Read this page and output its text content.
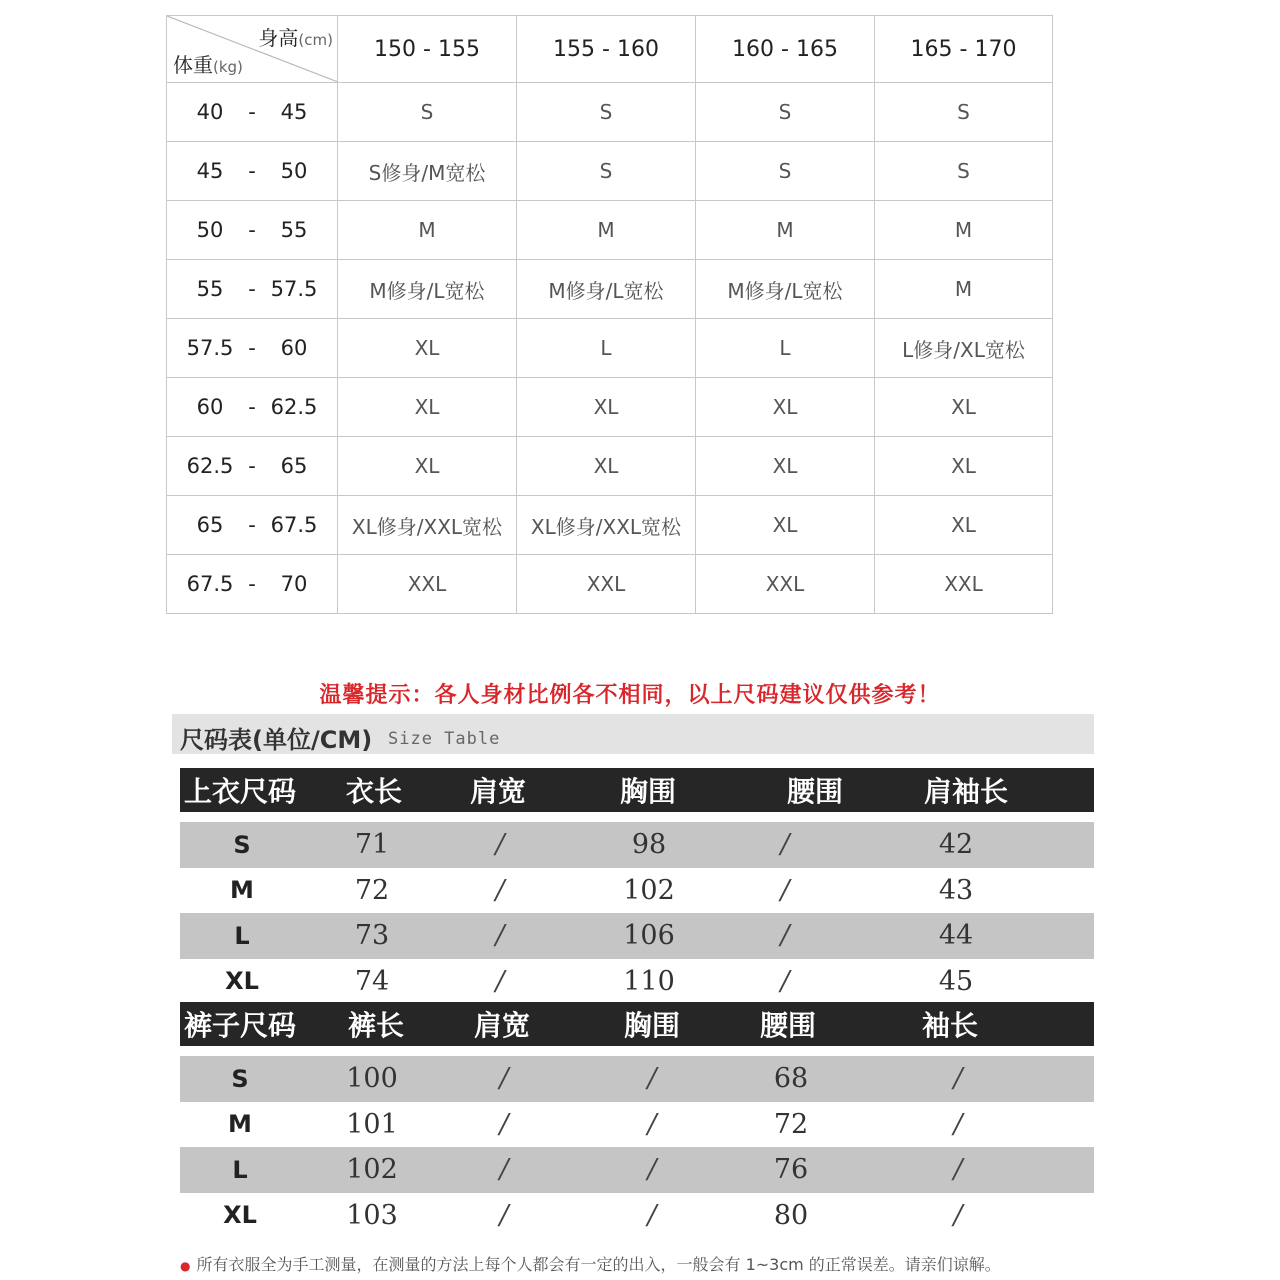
身高(cm)
体重(kg)	150 - 155	155 - 160	160 - 165	165 - 170
40 - 45	S	S	S	S
45 - 50	S修身/M宽松	S	S	S
50 - 55	M	M	M	M
55 - 57.5	M修身/L宽松	M修身/L宽松	M修身/L宽松	M
57.5 - 60	XL	L	L	L修身/XL宽松
60 - 62.5	XL	XL	XL	XL
62.5 - 65	XL	XL	XL	XL
65 - 67.5	XL修身/XXL宽松	XL修身/XXL宽松	XL	XL
67.5 - 70	XXL	XXL	XXL	XXL
温馨提示：各人身材比例各不相同，以上尺码建议仅供参考！
尺码表(单位/CM) Size Table
上衣尺码 衣长 肩宽	胸围	腰围	肩袖长
S	71	/	98	/	42
M	72	/	102	/	43
L	73	/	106	/	44
XL	74	/	110	/	45
裤子尺码 裤长 肩宽	胸围	腰围	袖长
S	100	/	/	68	/
M	101	/	/	72	/
L	102	/	/	76	/
XL	103	/	/	80	/
● 所有衣服全为手工测量，在测量的方法上每个人都会有一定的出入，一般会有 1~3cm 的正常误差。请亲们谅解。
